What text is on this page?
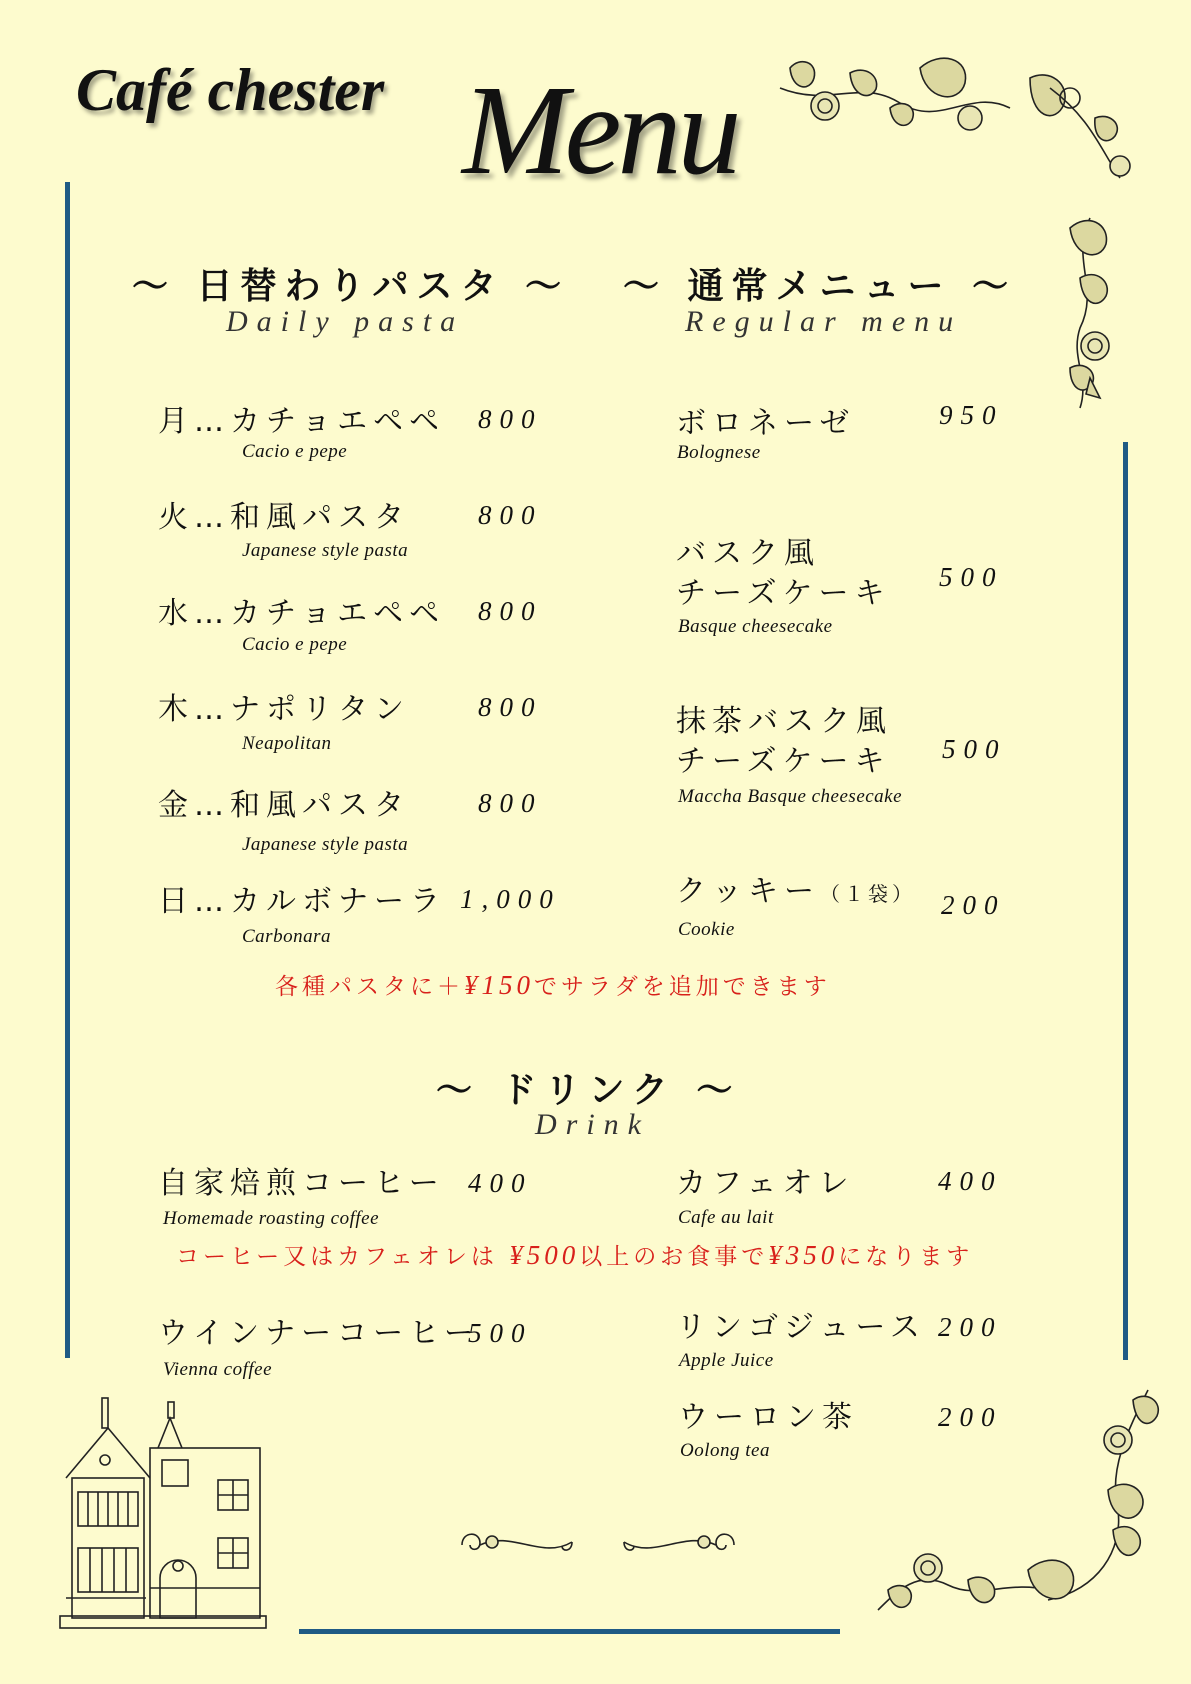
Café chester Menu
～ 日替わりパスタ ～
Daily pasta
月…カチョエペペ
Cacio e pepe
800
火…和風パスタ
Japanese style pasta
800
水…カチョエペペ
Cacio e pepe
800
木…ナポリタン
Neapolitan
800
金…和風パスタ
Japanese style pasta
800
日…カルボナーラ
Carbonara
1,000
～ 通常メニュー ～
Regular menu
ボロネーゼ
Bolognese
950
バスク風
チーズケーキ
Basque cheesecake
500
抹茶バスク風
チーズケーキ
Maccha Basque cheesecake
500
クッキー（１袋）
Cookie
200
各種パスタに＋¥150でサラダを追加できます
～ ドリンク ～
Drink
自家焙煎コーヒー
Homemade roasting coffee
400	カフェオレ
Cafe au lait
400
ウインナーコーヒー
Vienna coffee
500	リンゴジュース
Apple Juice
200
ウーロン茶
Oolong tea
200
コーヒー又はカフェオレは ¥500以上のお食事で¥350になります
